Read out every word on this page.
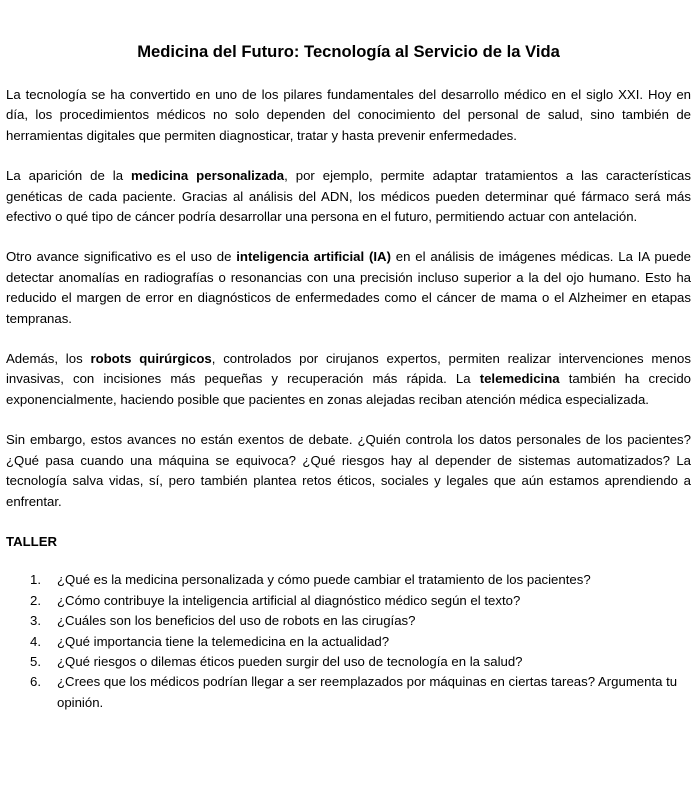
Medicina del Futuro: Tecnología al Servicio de la Vida

La tecnología se ha convertido en uno de los pilares fundamentales del desarrollo médico en el siglo XXI. Hoy en día, los procedimientos médicos no solo dependen del conocimiento del personal de salud, sino también de herramientas digitales que permiten diagnosticar, tratar y hasta prevenir enfermedades.

La aparición de la medicina personalizada, por ejemplo, permite adaptar tratamientos a las características genéticas de cada paciente. Gracias al análisis del ADN, los médicos pueden determinar qué fármaco será más efectivo o qué tipo de cáncer podría desarrollar una persona en el futuro, permitiendo actuar con antelación.

Otro avance significativo es el uso de inteligencia artificial (IA) en el análisis de imágenes médicas. La IA puede detectar anomalías en radiografías o resonancias con una precisión incluso superior a la del ojo humano. Esto ha reducido el margen de error en diagnósticos de enfermedades como el cáncer de mama o el Alzheimer en etapas tempranas.

Además, los robots quirúrgicos, controlados por cirujanos expertos, permiten realizar intervenciones menos invasivas, con incisiones más pequeñas y recuperación más rápida. La telemedicina también ha crecido exponencialmente, haciendo posible que pacientes en zonas alejadas reciban atención médica especializada.

Sin embargo, estos avances no están exentos de debate. ¿Quién controla los datos personales de los pacientes? ¿Qué pasa cuando una máquina se equivoca? ¿Qué riesgos hay al depender de sistemas automatizados? La tecnología salva vidas, sí, pero también plantea retos éticos, sociales y legales que aún estamos aprendiendo a enfrentar.

TALLER
1. ¿Qué es la medicina personalizada y cómo puede cambiar el tratamiento de los pacientes?
2. ¿Cómo contribuye la inteligencia artificial al diagnóstico médico según el texto?
3. ¿Cuáles son los beneficios del uso de robots en las cirugías?
4. ¿Qué importancia tiene la telemedicina en la actualidad?
5. ¿Qué riesgos o dilemas éticos pueden surgir del uso de tecnología en la salud?
6. ¿Crees que los médicos podrían llegar a ser reemplazados por máquinas en ciertas tareas? Argumenta tu opinión.
